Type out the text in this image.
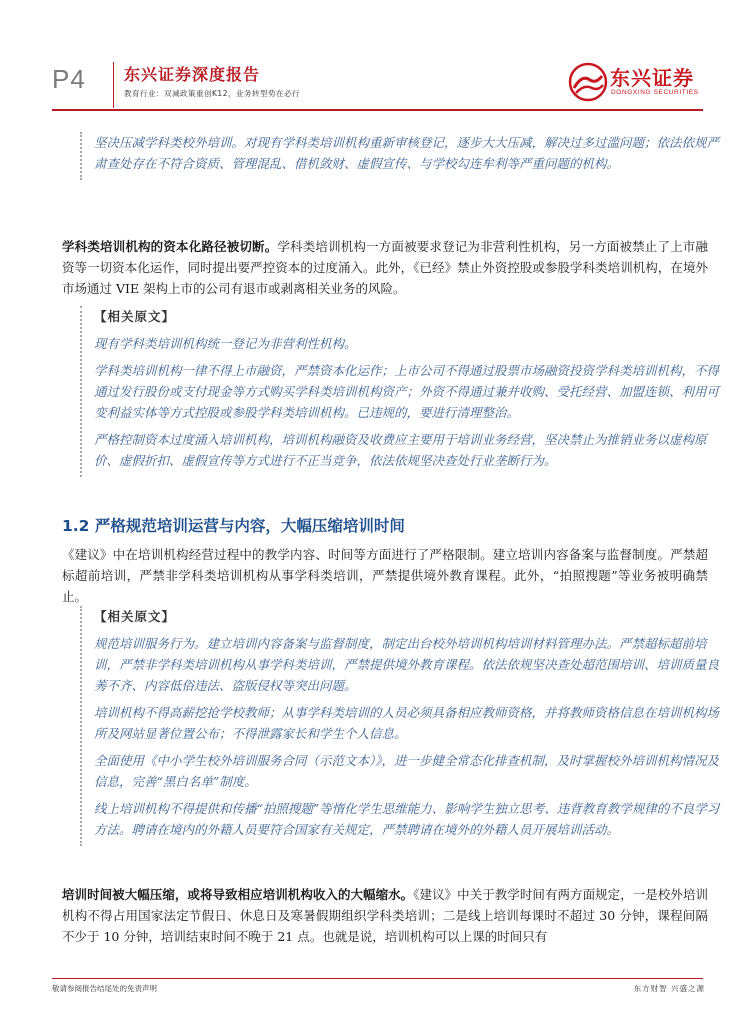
P4 东兴证券深度报告
教育行业：双减政策重创K12，业务转型势在必行
东兴证券
DONGXING SECURITIES

坚决压减学科类校外培训。对现有学科类培训机构重新审核登记，逐步大大压减，解决过多过滥问题；依法依规严肃查处存在不符合资质、管理混乱、借机敛财、虚假宣传、与学校勾连牟利等严重问题的机构。

学科类培训机构的资本化路径被切断。学科类培训机构一方面被要求登记为非营利性机构，另一方面被禁止了上市融资等一切资本化运作，同时提出要严控资本的过度涌入。此外，《已经》禁止外资控股或参股学科类培训机构，在境外市场通过 VIE 架构上市的公司有退市或剥离相关业务的风险。
【相关原文】

现有学科类培训机构统一登记为非营利性机构。

学科类培训机构一律不得上市融资，严禁资本化运作；上市公司不得通过股票市场融资投资学科类培训机构，不得通过发行股份或支付现金等方式购买学科类培训机构资产；外资不得通过兼并收购、受托经营、加盟连锁、利用可变利益实体等方式控股或参股学科类培训机构。已违规的，要进行清理整治。

严格控制资本过度涌入培训机构，培训机构融资及收费应主要用于培训业务经营，坚决禁止为推销业务以虚构原价、虚假折扣、虚假宣传等方式进行不正当竞争，依法依规坚决查处行业垄断行为。

1.2 严格规范培训运营与内容，大幅压缩培训时间
《建议》中在培训机构经营过程中的教学内容、时间等方面进行了严格限制。建立培训内容备案与监督制度。严禁超标超前培训，严禁非学科类培训机构从事学科类培训，严禁提供境外教育课程。此外，“拍照搜题”等业务被明确禁止。
【相关原文】

规范培训服务行为。建立培训内容备案与监督制度，制定出台校外培训机构培训材料管理办法。严禁超标超前培训，严禁非学科类培训机构从事学科类培训，严禁提供境外教育课程。依法依规坚决查处超范围培训、培训质量良莠不齐、内容低俗违法、盗版侵权等突出问题。

培训机构不得高薪挖抢学校教师；从事学科类培训的人员必须具备相应教师资格，并将教师资格信息在培训机构场所及网站显著位置公布；不得泄露家长和学生个人信息。

全面使用《中小学生校外培训服务合同（示范文本）》，进一步健全常态化排查机制，及时掌握校外培训机构情况及信息，完善“黑白名单”制度。

线上培训机构不得提供和传播“拍照搜题”等惰化学生思维能力、影响学生独立思考、违背教育教学规律的不良学习方法。聘请在境内的外籍人员要符合国家有关规定，严禁聘请在境外的外籍人员开展培训活动。

培训时间被大幅压缩，或将导致相应培训机构收入的大幅缩水。《建议》中关于教学时间有两方面规定，一是校外培训机构不得占用国家法定节假日、休息日及寒暑假期组织学科类培训；二是线上培训每课时不超过 30 分钟，课程间隔不少于 10 分钟，培训结束时间不晚于 21 点。也就是说，培训机构可以上课的时间只有
敬请参阅报告结尾处的免责声明	东方财智 兴盛之源
